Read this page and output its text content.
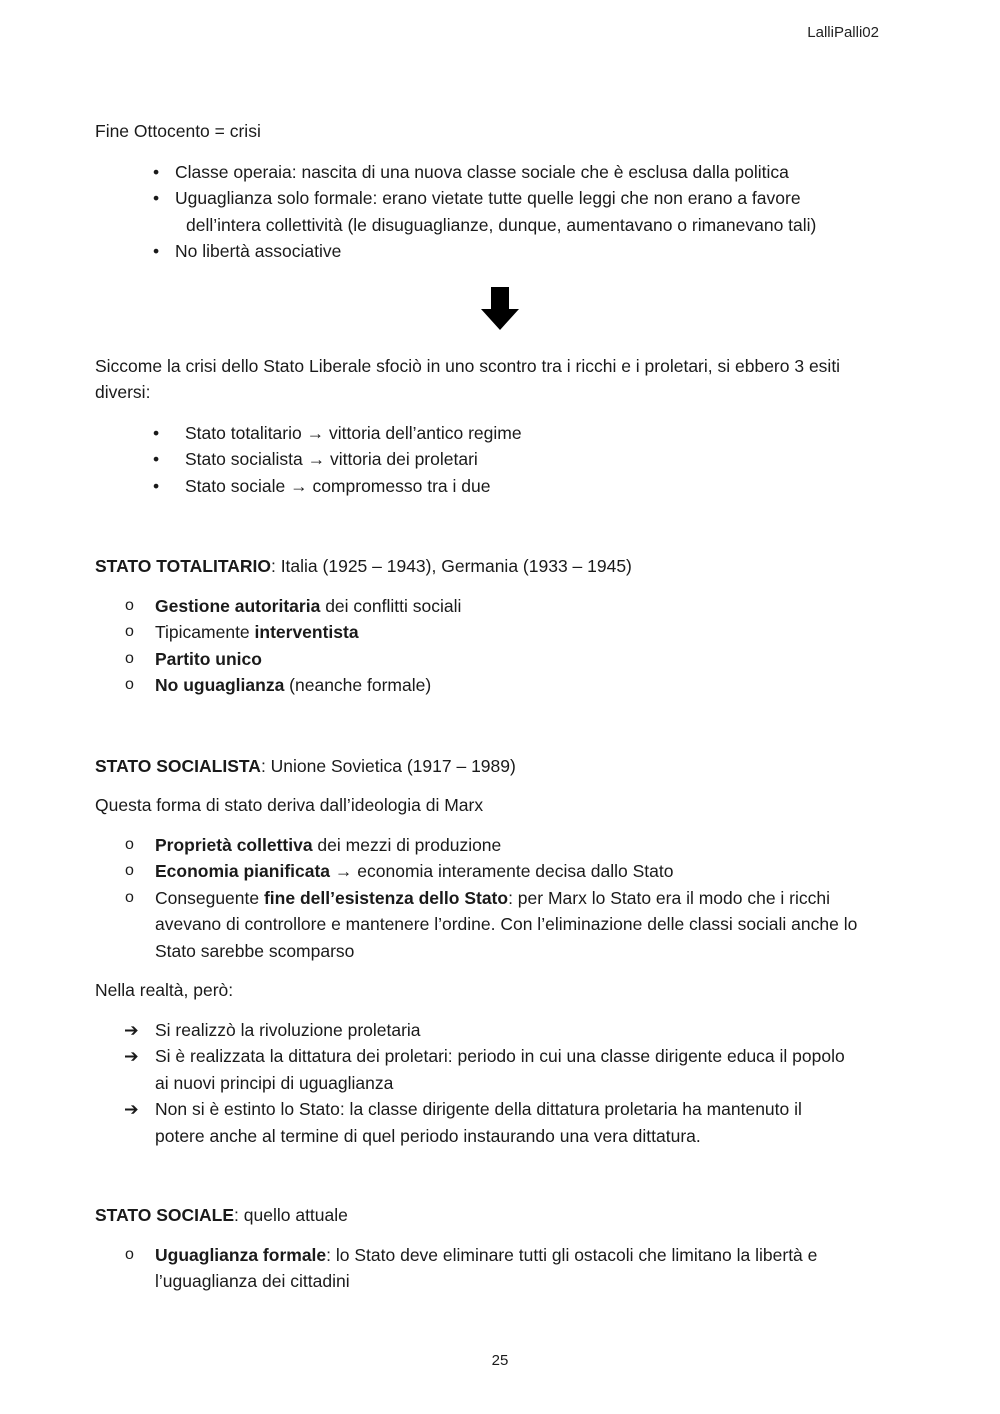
LalliPalli02

Fine Ottocento = crisi

• Classe operaia: nascita di una nuova classe sociale che è esclusa dalla politica
• Uguaglianza solo formale: erano vietate tutte quelle leggi che non erano a favore
dell’intera collettività (le disuguaglianze, dunque, aumentavano o rimanevano tali)
• No libertà associative

Siccome la crisi dello Stato Liberale sfociò in uno scontro tra i ricchi e i proletari, si ebbero 3 esiti
diversi:

• Stato totalitario → vittoria dell’antico regime
• Stato socialista → vittoria dei proletari
• Stato sociale → compromesso tra i due

STATO TOTALITARIO: Italia (1925 – 1943), Germania (1933 – 1945)

o Gestione autoritaria dei conflitti sociali
o Tipicamente interventista
o Partito unico
o No uguaglianza (neanche formale)

STATO SOCIALISTA: Unione Sovietica (1917 – 1989)

Questa forma di stato deriva dall’ideologia di Marx

o Proprietà collettiva dei mezzi di produzione
o Economia pianificata → economia interamente decisa dallo Stato
o Conseguente fine dell’esistenza dello Stato: per Marx lo Stato era il modo che i ricchi
avevano di controllore e mantenere l’ordine. Con l’eliminazione delle classi sociali anche lo
Stato sarebbe scomparso

Nella realtà, però:

➔ Si realizzò la rivoluzione proletaria
➔ Si è realizzata la dittatura dei proletari: periodo in cui una classe dirigente educa il popolo
ai nuovi principi di uguaglianza
➔ Non si è estinto lo Stato: la classe dirigente della dittatura proletaria ha mantenuto il
potere anche al termine di quel periodo instaurando una vera dittatura.

STATO SOCIALE: quello attuale

o Uguaglianza formale: lo Stato deve eliminare tutti gli ostacoli che limitano la libertà e
l’uguaglianza dei cittadini
25
